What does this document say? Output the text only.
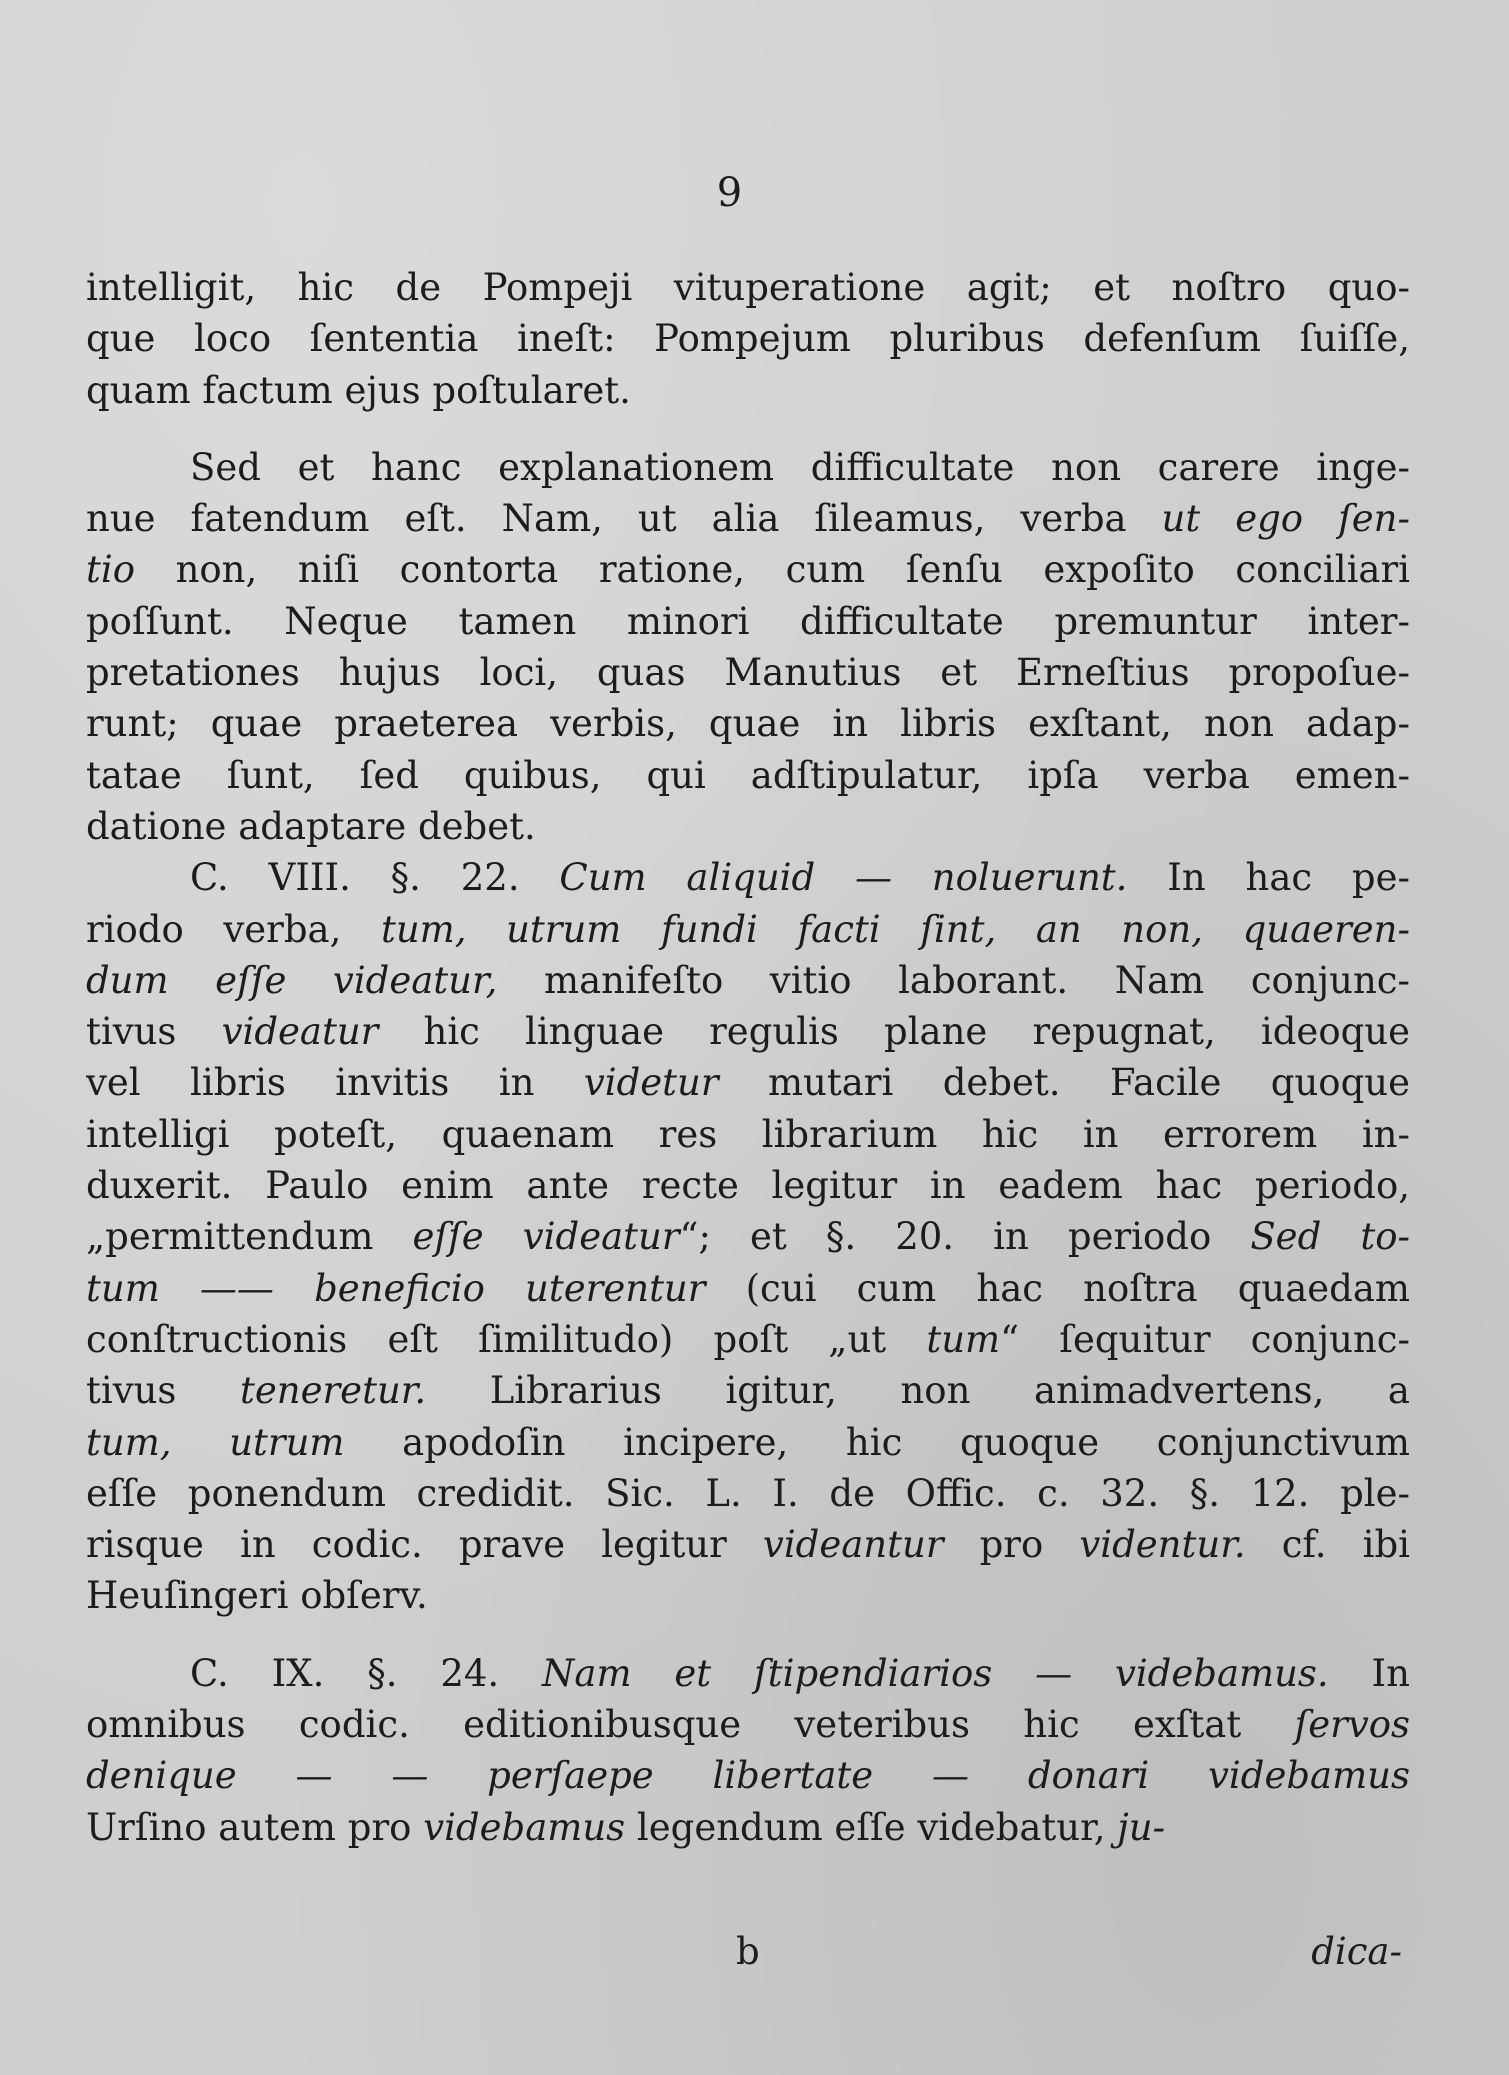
9
intelligit, hic de Pompeji vituperatione agit; et noſtro quo-
que loco ſententia ineſt: Pompejum pluribus defenſum ſuiſſe,
quam factum ejus poſtularet.
Sed et hanc explanationem difficultate non carere inge-
nue fatendum eſt. Nam, ut alia ſileamus, verba ut ego ſen-
tio non, niſi contorta ratione, cum ſenſu expoſito conciliari
poſſunt. Neque tamen minori difficultate premuntur inter-
pretationes hujus loci, quas Manutius et Erneſtius propoſue-
runt; quae praeterea verbis, quae in libris exſtant, non adap-
tatae ſunt, ſed quibus, qui adſtipulatur, ipſa verba emen-
datione adaptare debet.
C. VIII. §. 22. Cum aliquid — noluerunt. In hac pe-
riodo verba, tum, utrum fundi facti ſint, an non, quaeren-
dum eſſe videatur, manifeſto vitio laborant. Nam conjunc-
tivus videatur hic linguae regulis plane repugnat, ideoque
vel libris invitis in videtur mutari debet. Facile quoque
intelligi poteſt, quaenam res librarium hic in errorem in-
duxerit. Paulo enim ante recte legitur in eadem hac periodo,
„permittendum eſſe videatur“; et §. 20. in periodo Sed to-
tum —— beneficio uterentur (cui cum hac noſtra quaedam
conſtructionis eſt ſimilitudo) poſt „ut tum“ ſequitur conjunc-
tivus teneretur. Librarius igitur, non animadvertens, a
tum, utrum apodoſin incipere, hic quoque conjunctivum
eſſe ponendum credidit. Sic. L. I. de Offic. c. 32. §. 12. ple-
risque in codic. prave legitur videantur pro videntur. cf. ibi
Heuſingeri obſerv.
C. IX. §. 24. Nam et ſtipendiarios — videbamus. In
omnibus codic. editionibusque veteribus hic exſtat ſervos
denique — — perſaepe libertate — donari videbamus
Urſino autem pro videbamus legendum eſſe videbatur, ju-
b	dica-
